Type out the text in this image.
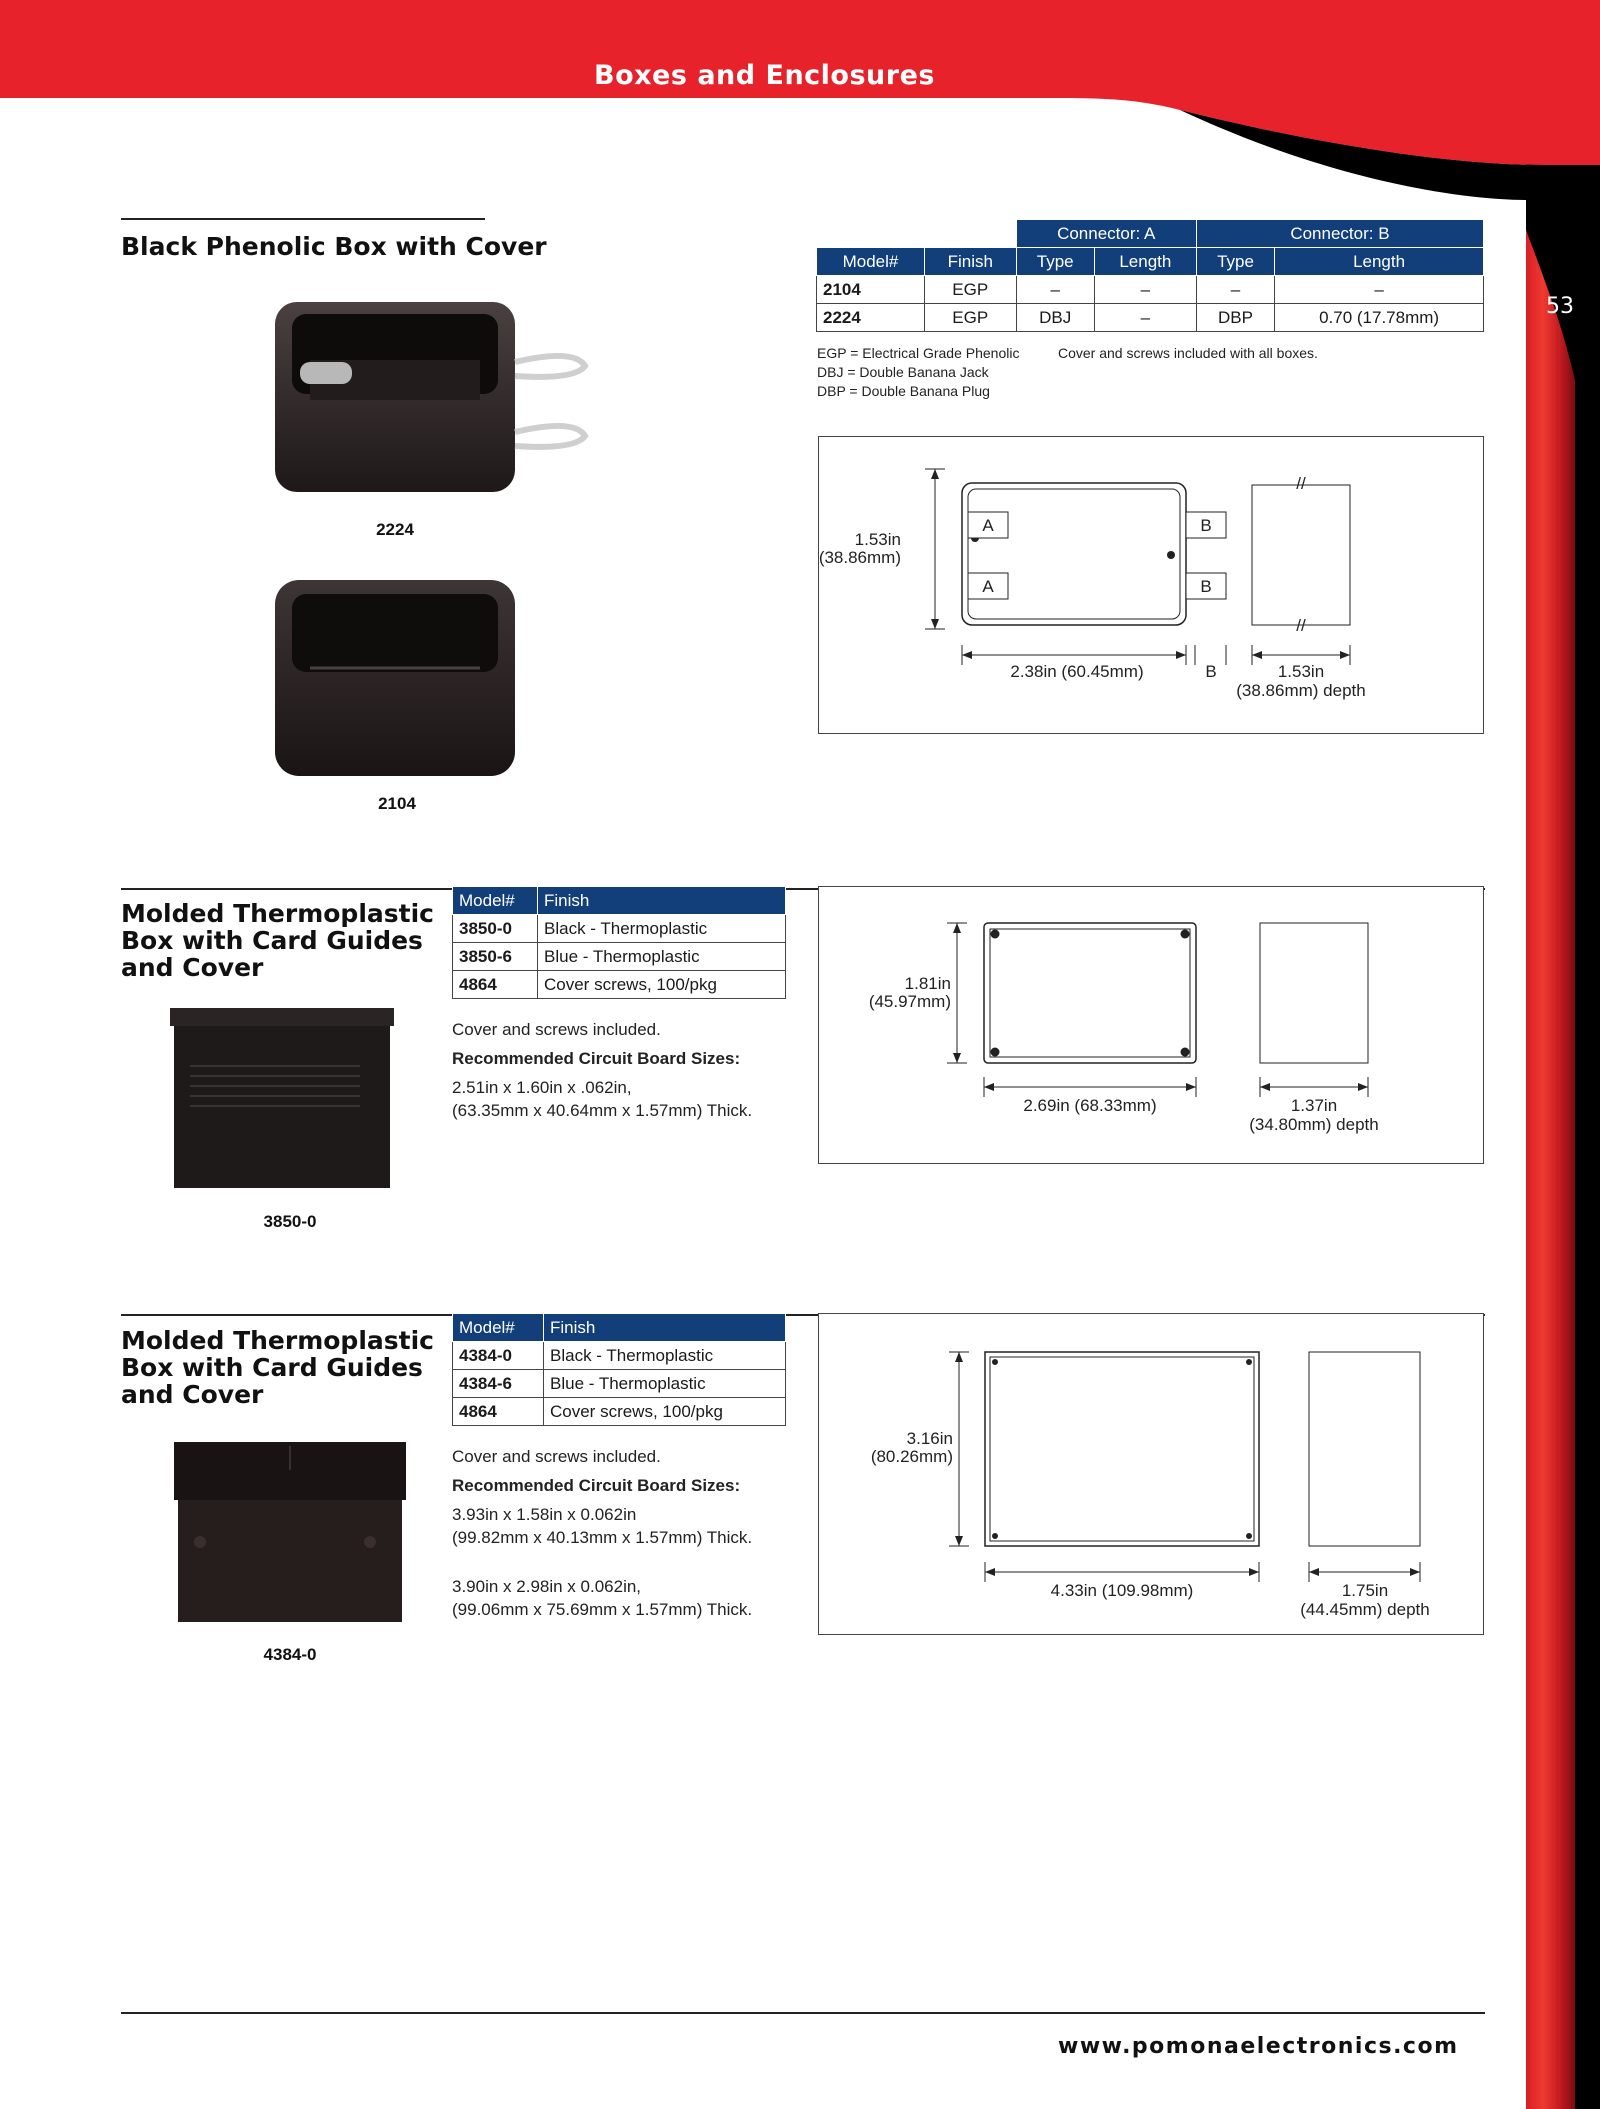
Boxes and Enclosures
53
Black Phenolic Box with Cover
		Connector: A		Connector: B	
Model#	Finish	Type	Length	Type	Length
2104	EGP	–	–	–	–
2224	EGP	DBJ	–	DBP	0.70 (17.78mm)
EGP = Electrical Grade Phenolic
DBJ = Double Banana Jack
DBP = Double Banana Plug
Cover and screws included with all boxes.
2224
2104
1.53in
(38.86mm)
A
A
B
B
//
//
2.38in (60.45mm)	B	1.53in
(38.86mm) depth
Molded Thermoplastic
Box with Card Guides
and Cover
Model#	Finish
3850-0	Black - Thermoplastic
3850-6	Blue - Thermoplastic
4864	Cover screws, 100/pkg
Cover and screws included.
Recommended Circuit Board Sizes:
2.51in x 1.60in x .062in,
(63.35mm x 40.64mm x 1.57mm) Thick.
3850-0
1.81in
(45.97mm)
2.69in (68.33mm)	1.37in
(34.80mm) depth
Molded Thermoplastic
Box with Card Guides
and Cover
Model#	Finish
4384-0	Black - Thermoplastic
4384-6	Blue - Thermoplastic
4864	Cover screws, 100/pkg
Cover and screws included.
Recommended Circuit Board Sizes:
3.93in x 1.58in x 0.062in
(99.82mm x 40.13mm x 1.57mm) Thick.
3.90in x 2.98in x 0.062in,
(99.06mm x 75.69mm x 1.57mm) Thick.
4384-0
3.16in
(80.26mm)
4.33in (109.98mm)	1.75in
(44.45mm) depth
www.pomonaelectronics.com
